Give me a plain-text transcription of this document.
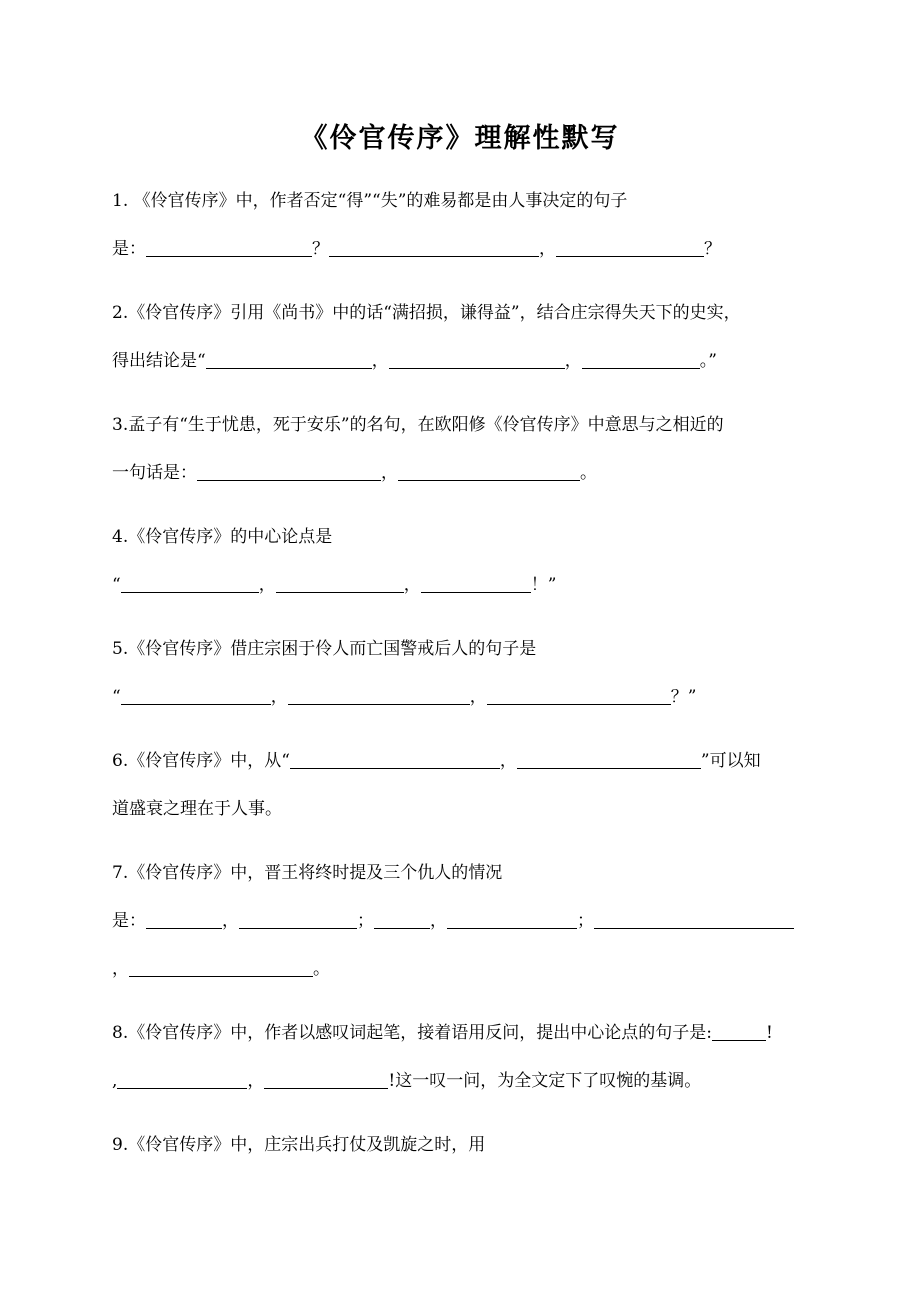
《伶官传序》理解性默写
1. 《伶官传序》中，作者否定“得”“失”的难易都是由人事决定的句子
是：	？	，	？
2.《伶官传序》引用《尚书》中的话“满招损，谦得益”，结合庄宗得失天下的史实，
得出结论是“	，	，	。”
3.孟子有“生于忧患，死于安乐”的名句，在欧阳修《伶官传序》中意思与之相近的
一句话是：	，	。
4.《伶官传序》的中心论点是
“	，	，	！”
5.《伶官传序》借庄宗困于伶人而亡国警戒后人的句子是
“	，	，	？”
6.《伶官传序》中，从“	，	”可以知
道盛衰之理在于人事。
7.《伶官传序》中，晋王将终时提及三个仇人的情况
是：	，	；	，	；
，	。
8.《伶官传序》中，作者以感叹词起笔，接着语用反问，提出中心论点的句子是:	!
,	，	!这一叹一问，为全文定下了叹惋的基调。
9.《伶官传序》中，庄宗出兵打仗及凯旋之时，用
